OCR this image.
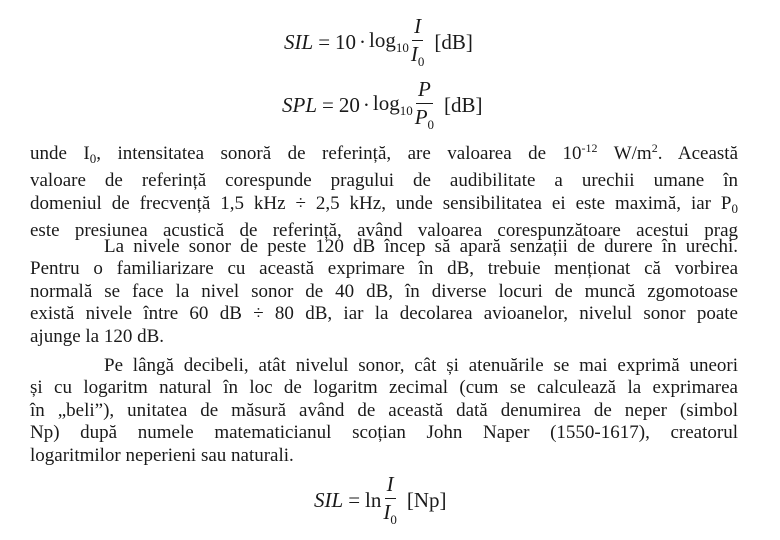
SIL = $10 \cdot \log_{10} \frac{I}{I_0} [dB]$
SPL = $20 \cdot \log_{10} \frac{P}{P_0} [dB]$
unde $I_0$, intensitatea sonoră de referință, are valoarea de $10^{-12}$ $W/m^2$. Această
valoare de referință corespunde pragului de audibilitate a urechii umane în
domeniul de frecvență 1,5 kHz ÷ 2,5 kHz, unde sensibilitatea ei este maximă, iar $P_0$
este presiunea acustică de referință, având valoarea corespunzătoare acestui prag
La nivele sonor de peste 120 dB încep să apară senzații de durere în urechi.
Pentru o familiarizare cu această exprimare în dB, trebuie menționat că vorbirea
normală se face la nivel sonor de 40 dB, în diverse locuri de muncă zgomotoase
există nivele între 60 dB ÷ 80 dB, iar la decolarea avioanelor, nivelul sonor poate
ajunge la 120 dB.
Pe lângă decibeli, atât nivelul sonor, cât și atenuările se mai exprimă uneori
și cu logaritm natural în loc de logaritm zecimal (cum se calculează la exprimarea
în „beli”), unitatea de măsură având de această dată denumirea de neper (simbol
Np) după numele matematicianul scoțian John Naper (1550-1617), creatorul
logaritmilor neperieni sau naturali.
SIL = $\ln \frac{I}{I_0} [Np]$
